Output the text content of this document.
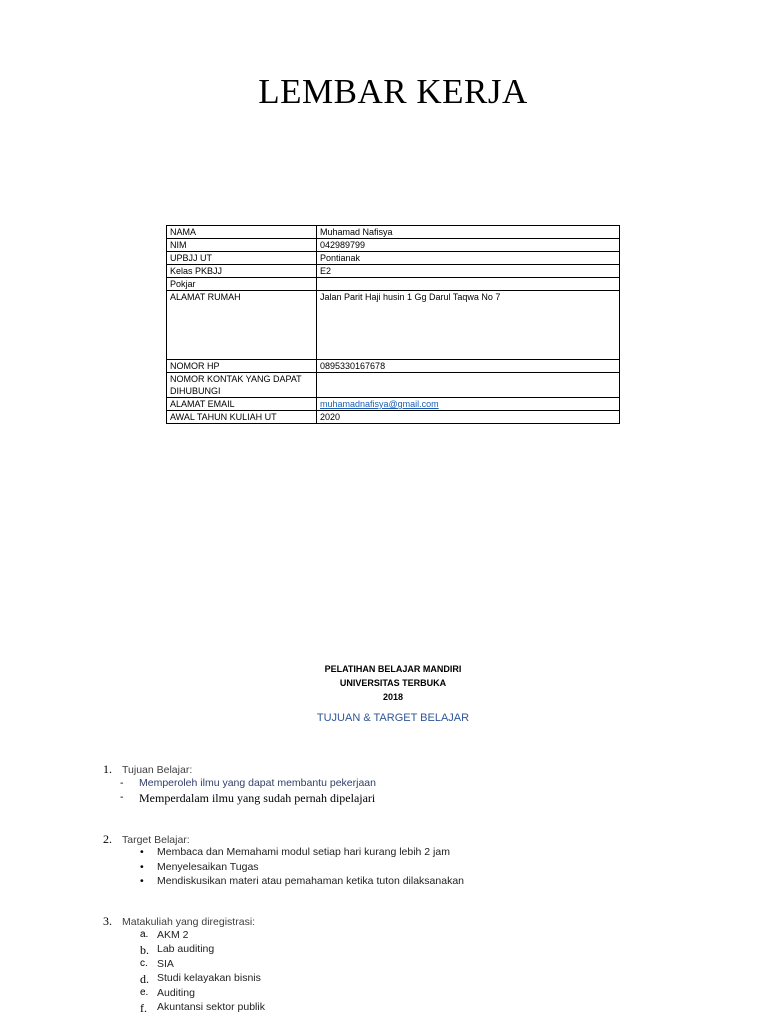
LEMBAR KERJA
NAMA	Muhamad Nafisya
NIM	042989799
UPBJJ UT	Pontianak
Kelas PKBJJ	E2
Pokjar	
ALAMAT RUMAH	Jalan Parit Haji husin 1 Gg Darul Taqwa No 7
NOMOR HP	0895330167678
NOMOR KONTAK YANG DAPAT DIHUBUNGI	
ALAMAT EMAIL	muhamadnafisya@gmail.com
AWAL TAHUN KULIAH UT	2020
PELATIHAN BELAJAR MANDIRI
UNIVERSITAS TERBUKA
2018
TUJUAN & TARGET BELAJAR
1. Tujuan Belajar:
- Memperoleh ilmu yang dapat membantu pekerjaan
- Memperdalam ilmu yang sudah pernah dipelajari
2. Target Belajar:
• Membaca dan Memahami modul setiap hari kurang lebih 2 jam
• Menyelesaikan Tugas
• Mendiskusikan materi atau pemahaman ketika tuton dilaksanakan
3. Matakuliah yang diregistrasi:
a. AKM 2
b. Lab auditing
c. SIA
d. Studi kelayakan bisnis
e. Auditing
f. Akuntansi sektor publik
